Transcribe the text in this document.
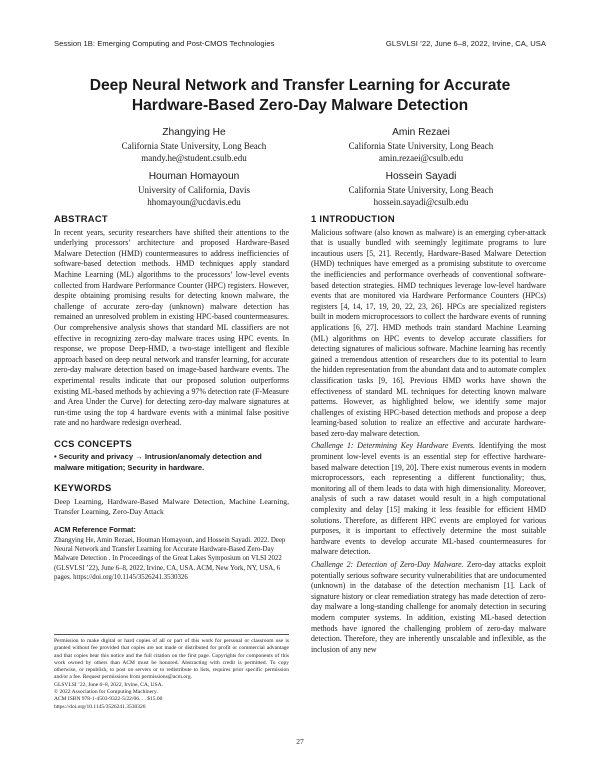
Session 1B: Emerging Computing and Post-CMOS Technologies	GLSVLSI ’22, June 6–8, 2022, Irvine, CA, USA
Deep Neural Network and Transfer Learning for Accurate
Hardware-Based Zero-Day Malware Detection
Zhangying He
California State University, Long Beach
mandy.he@student.csulb.edu
Amin Rezaei
California State University, Long Beach
amin.rezaei@csulb.edu
Houman Homayoun
University of California, Davis
hhomayoun@ucdavis.edu
Hossein Sayadi
California State University, Long Beach
hossein.sayadi@csulb.edu
ABSTRACT

In recent years, security researchers have shifted their attentions to the underlying processors’ architecture and proposed Hardware-Based Malware Detection (HMD) countermeasures to address inefficiencies of software-based detection methods. HMD techniques apply standard Machine Learning (ML) algorithms to the processors’ low-level events collected from Hardware Performance Counter (HPC) registers. However, despite obtaining promising results for detecting known malware, the challenge of accurate zero-day (unknown) malware detection has remained an unresolved problem in existing HPC-based countermeasures. Our comprehensive analysis shows that standard ML classifiers are not effective in recognizing zero-day malware traces using HPC events. In response, we propose Deep-HMD, a two-stage intelligent and flexible approach based on deep neural network and transfer learning, for accurate zero-day malware detection based on image-based hardware events. The experimental results indicate that our proposed solution outperforms existing ML-based methods by achieving a 97% detection rate (F-Measure and Area Under the Curve) for detecting zero-day malware signatures at run-time using the top 4 hardware events with a minimal false positive rate and no hardware redesign overhead.

CCS CONCEPTS
• Security and privacy → Intrusion/anomaly detection and malware mitigation; Security in hardware.
KEYWORDS

Deep Learning, Hardware-Based Malware Detection, Machine Learning, Transfer Learning, Zero-Day Attack

ACM Reference Format:
Zhangying He, Amin Rezaei, Houman Homayoun, and Hossein Sayadi. 2022. Deep Neural Network and Transfer Learning for Accurate Hardware-Based Zero-Day Malware Detection . In Proceedings of the Great Lakes Symposium on VLSI 2022 (GLSVLSI ’22), June 6–8, 2022, Irvine, CA, USA. ACM, New York, NY, USA, 6 pages. https://doi.org/10.1145/3526241.3530326
Permission to make digital or hard copies of all or part of this work for personal or classroom use is granted without fee provided that copies are not made or distributed for profit or commercial advantage and that copies bear this notice and the full citation on the first page. Copyrights for components of this work owned by others than ACM must be honored. Abstracting with credit is permitted. To copy otherwise, or republish, to post on servers or to redistribute to lists, requires prior specific permission and/or a fee. Request permissions from permissions@acm.org.
GLSVLSI ’22, June 6–8, 2022, Irvine, CA, USA.
© 2022 Association for Computing Machinery.
ACM ISBN 978-1-4503-9322-5/22/06. . . $15.00
https://doi.org/10.1145/3526241.3530326
1 INTRODUCTION

Malicious software (also known as malware) is an emerging cyber-attack that is usually bundled with seemingly legitimate programs to lure incautious users [5, 21]. Recently, Hardware-Based Malware Detection (HMD) techniques have emerged as a promising substitute to overcome the inefficiencies and performance overheads of conventional software-based detection strategies. HMD techniques leverage low-level hardware events that are monitored via Hardware Performance Counters (HPCs) registers [4, 14, 17, 19, 20, 22, 23, 26]. HPCs are specialized registers built in modern microprocessors to collect the hardware events of running applications [6, 27]. HMD methods train standard Machine Learning (ML) algorithms on HPC events to develop accurate classifiers for detecting signatures of malicious software. Machine learning has recently gained a tremendous attention of researchers due to its potential to learn the hidden representation from the abundant data and to automate complex classification tasks [9, 16]. Previous HMD works have shown the effectiveness of standard ML techniques for detecting known malware patterns. However, as highlighted below, we identify some major challenges of existing HPC-based detection methods and propose a deep learning-based solution to realize an effective and accurate hardware-based zero-day malware detection.

Challenge 1: Determining Key Hardware Events. Identifying the most prominent low-level events is an essential step for effective hardware-based malware detection [19, 20]. There exist numerous events in modern microprocessors, each representing a different functionality; thus, monitoring all of them leads to data with high dimensionality. Moreover, analysis of such a raw dataset would result in a high computational complexity and delay [15] making it less feasible for efficient HMD solutions. Therefore, as different HPC events are employed for various purposes, it is important to effectively determine the most suitable hardware events to develop accurate ML-based countermeasures for malware detection.

Challenge 2: Detection of Zero-Day Malware. Zero-day attacks exploit potentially serious software security vulnerabilities that are undocumented (unknown) in the database of the detection mechanism [1]. Lack of signature history or clear remediation strategy has made detection of zero-day malware a long-standing challenge for anomaly detection in securing modern computer systems. In addition, existing ML-based detection methods have ignored the challenging problem of zero-day malware detection. Therefore, they are inherently unscalable and inflexible, as the inclusion of any new

27
